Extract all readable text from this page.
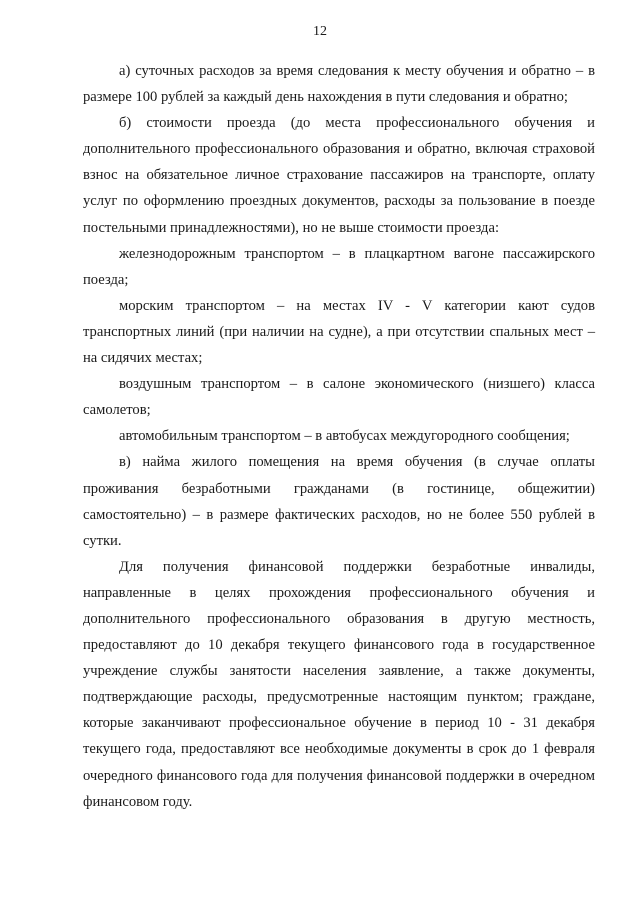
12

а) суточных расходов за время следования к месту обучения и обратно – в размере 100 рублей за каждый день нахождения в пути следования и обратно;

б) стоимости проезда (до места профессионального обучения и дополнительного профессионального образования и обратно, включая страховой взнос на обязательное личное страхование пассажиров на транспорте, оплату услуг по оформлению проездных документов, расходы за пользование в поезде постельными принадлежностями), но не выше стоимости проезда:

железнодорожным транспортом – в плацкартном вагоне пассажирского поезда;

морским транспортом – на местах IV - V категории кают судов транспортных линий (при наличии на судне), а при отсутствии спальных мест – на сидячих местах;

воздушным транспортом – в салоне экономического (низшего) класса самолетов;

автомобильным транспортом – в автобусах междугородного сообщения;

в) найма жилого помещения на время обучения (в случае оплаты проживания безработными гражданами (в гостинице, общежитии) самостоятельно) – в размере фактических расходов, но не более 550 рублей в сутки.

Для получения финансовой поддержки безработные инвалиды, направленные в целях прохождения профессионального обучения и дополнительного профессионального образования в другую местность, предоставляют до 10 декабря текущего финансового года в государственное учреждение службы занятости населения заявление, а также документы, подтверждающие расходы, предусмотренные настоящим пунктом; граждане, которые заканчивают профессиональное обучение в период 10 - 31 декабря текущего года, предоставляют все необходимые документы в срок до 1 февраля очередного финансового года для получения финансовой поддержки в очередном финансовом году.
